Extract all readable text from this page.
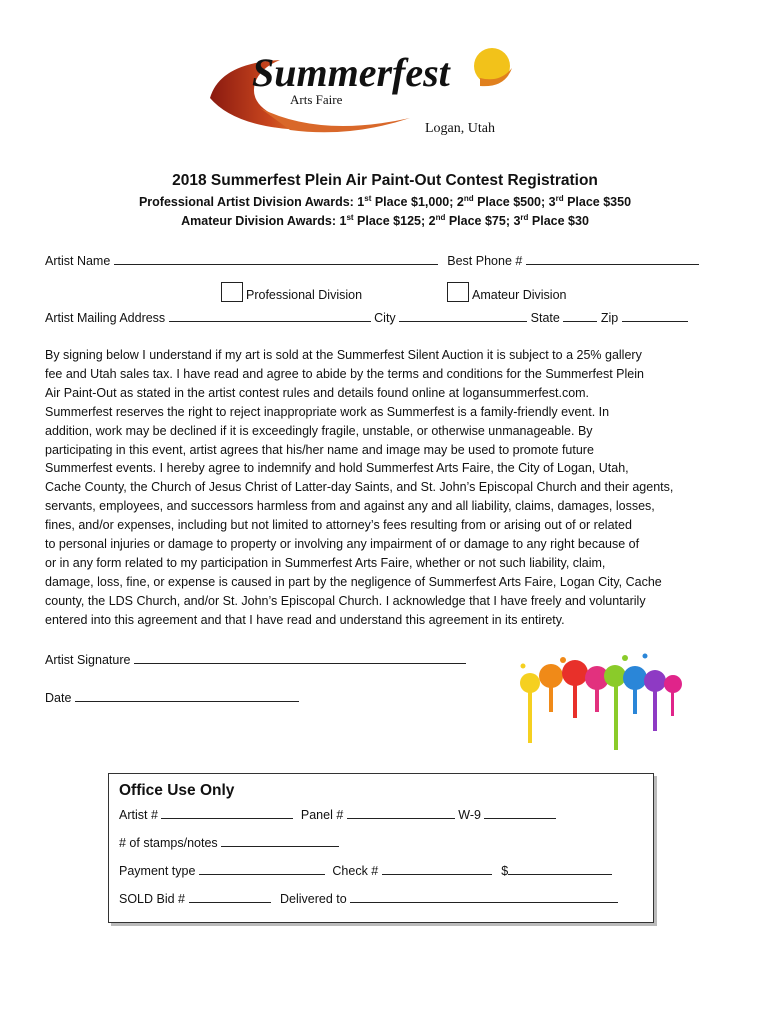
Summerfest
Arts Faire
Logan, Utah
2018 Summerfest Plein Air Paint-Out Contest Registration
Professional Artist Division Awards: 1st Place $1,000; 2nd Place $500; 3rd Place $350
Amateur Division Awards: 1st Place $125; 2nd Place $75; 3rd Place $30
Artist Name	Best Phone #
Professional Division	Amateur Division
Artist Mailing Address	City	State	Zip
By signing below I understand if my art is sold at the Summerfest Silent Auction it is subject to a 25% gallery
fee and Utah sales tax. I have read and agree to abide by the terms and conditions for the Summerfest Plein
Air Paint-Out as stated in the artist contest rules and details found online at logansummerfest.com.
Summerfest reserves the right to reject inappropriate work as Summerfest is a family-friendly event. In
addition, work may be declined if it is exceedingly fragile, unstable, or otherwise unmanageable. By
participating in this event, artist agrees that his/her name and image may be used to promote future
Summerfest events. I hereby agree to indemnify and hold Summerfest Arts Faire, the City of Logan, Utah,
Cache County, the Church of Jesus Christ of Latter-day Saints, and St. John’s Episcopal Church and their agents,
servants, employees, and successors harmless from and against any and all liability, claims, damages, losses,
fines, and/or expenses, including but not limited to attorney’s fees resulting from or arising out of or related
to personal injuries or damage to property or involving any impairment of or damage to any right because of
or in any form related to my participation in Summerfest Arts Faire, whether or not such liability, claim,
damage, loss, fine, or expense is caused in part by the negligence of Summerfest Arts Faire, Logan City, Cache
county, the LDS Church, and/or St. John’s Episcopal Church. I acknowledge that I have freely and voluntarily
entered into this agreement and that I have read and understand this agreement in its entirety.
Artist Signature
Date
Office Use Only
Artist #	Panel #	W-9
# of stamps/notes
Payment type	Check #	$
SOLD Bid #	Delivered to
